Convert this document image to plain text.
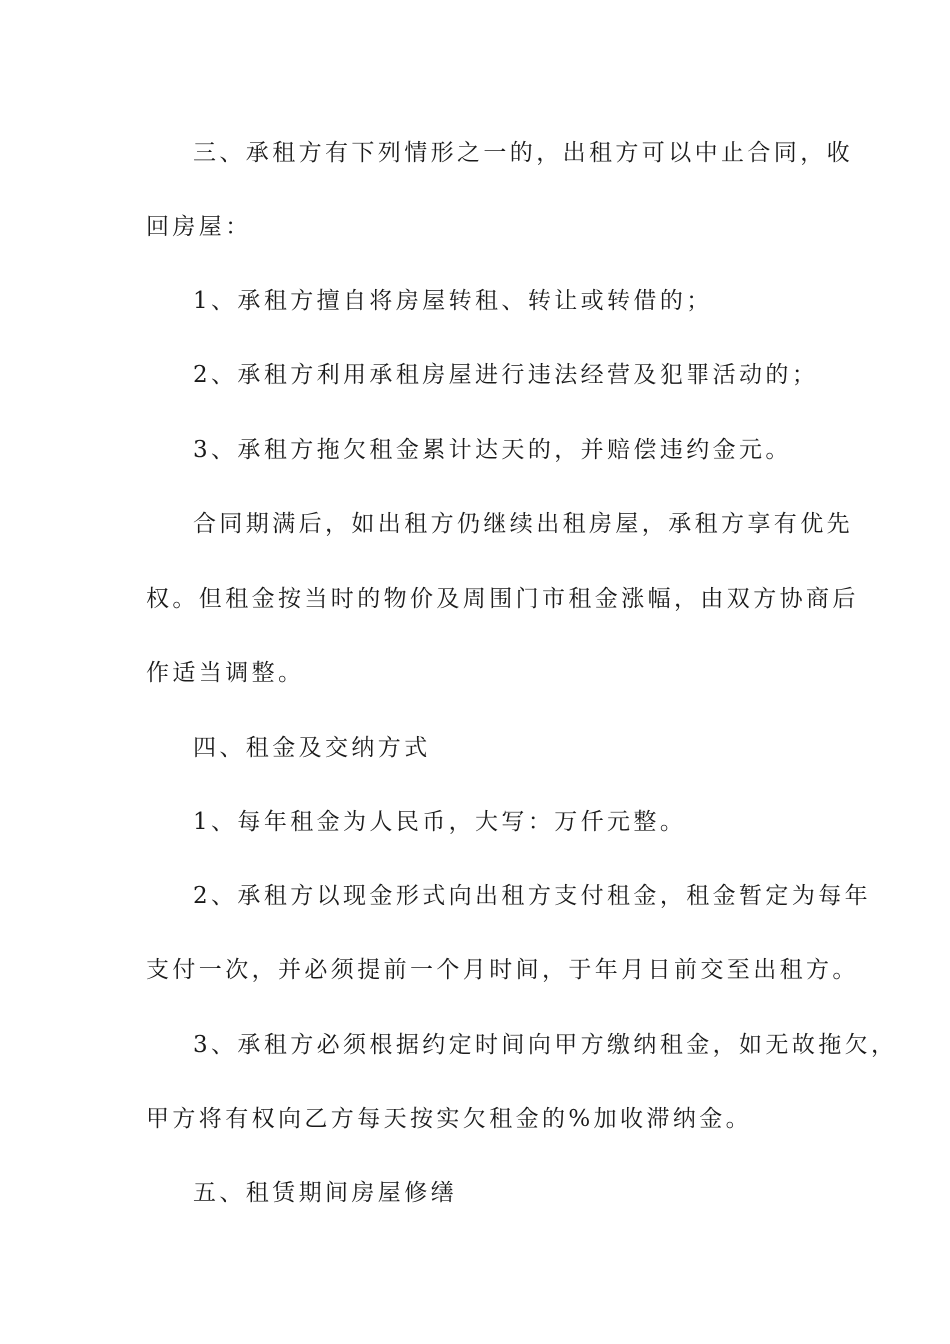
三、承租方有下列情形之一的，出租方可以中止合同，收

回房屋：

1、承租方擅自将房屋转租、转让或转借的；

2、承租方利用承租房屋进行违法经营及犯罪活动的；

3、承租方拖欠租金累计达天的，并赔偿违约金元。

合同期满后，如出租方仍继续出租房屋，承租方享有优先

权。但租金按当时的物价及周围门市租金涨幅，由双方协商后

作适当调整。

四、租金及交纳方式

1、每年租金为人民币，大写：万仟元整。

2、承租方以现金形式向出租方支付租金，租金暂定为每年

支付一次，并必须提前一个月时间，于年月日前交至出租方。

3、承租方必须根据约定时间向甲方缴纳租金，如无故拖欠，

甲方将有权向乙方每天按实欠租金的%加收滞纳金。

五、租赁期间房屋修缮
